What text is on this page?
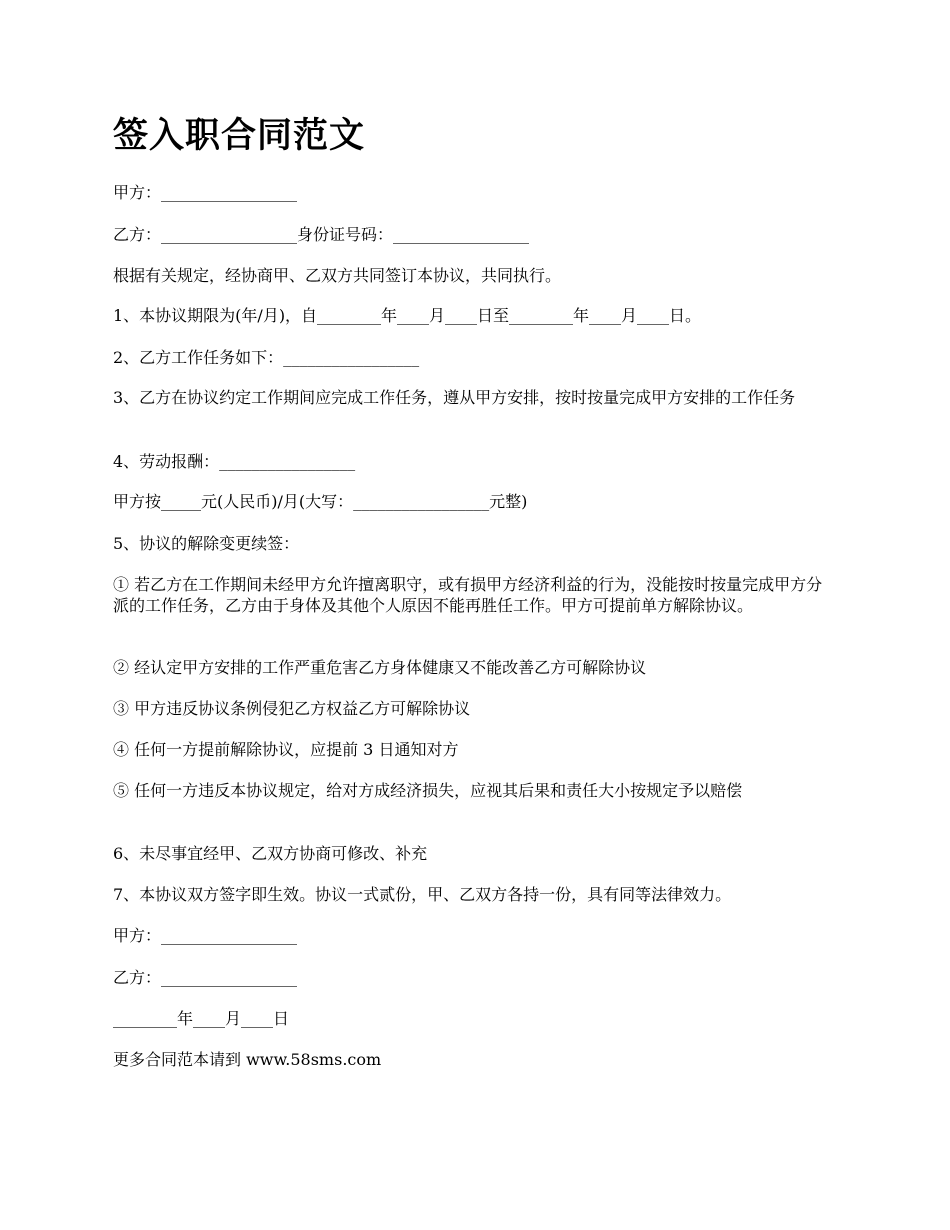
签入职合同范文

甲方：_________________

乙方：_________________身份证号码：_________________

根据有关规定，经协商甲、乙双方共同签订本协议，共同执行。

1、本协议期限为(年/月)，自________年____月____日至________年____月____日。

2、乙方工作任务如下：_________________

3、乙方在协议约定工作期间应完成工作任务，遵从甲方安排，按时按量完成甲方安排的工作任务

4、劳动报酬：_________________

甲方按_____元(人民币)/月(大写：_________________元整)

5、协议的解除变更续签：

① 若乙方在工作期间未经甲方允许擅离职守，或有损甲方经济利益的行为，没能按时按量完成甲方分派的工作任务，乙方由于身体及其他个人原因不能再胜任工作。甲方可提前单方解除协议。

② 经认定甲方安排的工作严重危害乙方身体健康又不能改善乙方可解除协议

③ 甲方违反协议条例侵犯乙方权益乙方可解除协议

④ 任何一方提前解除协议，应提前 3 日通知对方

⑤ 任何一方违反本协议规定，给对方成经济损失，应视其后果和责任大小按规定予以赔偿

6、未尽事宜经甲、乙双方协商可修改、补充

7、本协议双方签字即生效。协议一式贰份，甲、乙双方各持一份，具有同等法律效力。

甲方：_________________

乙方：_________________

________年____月____日

更多合同范本请到 www.58sms.com
